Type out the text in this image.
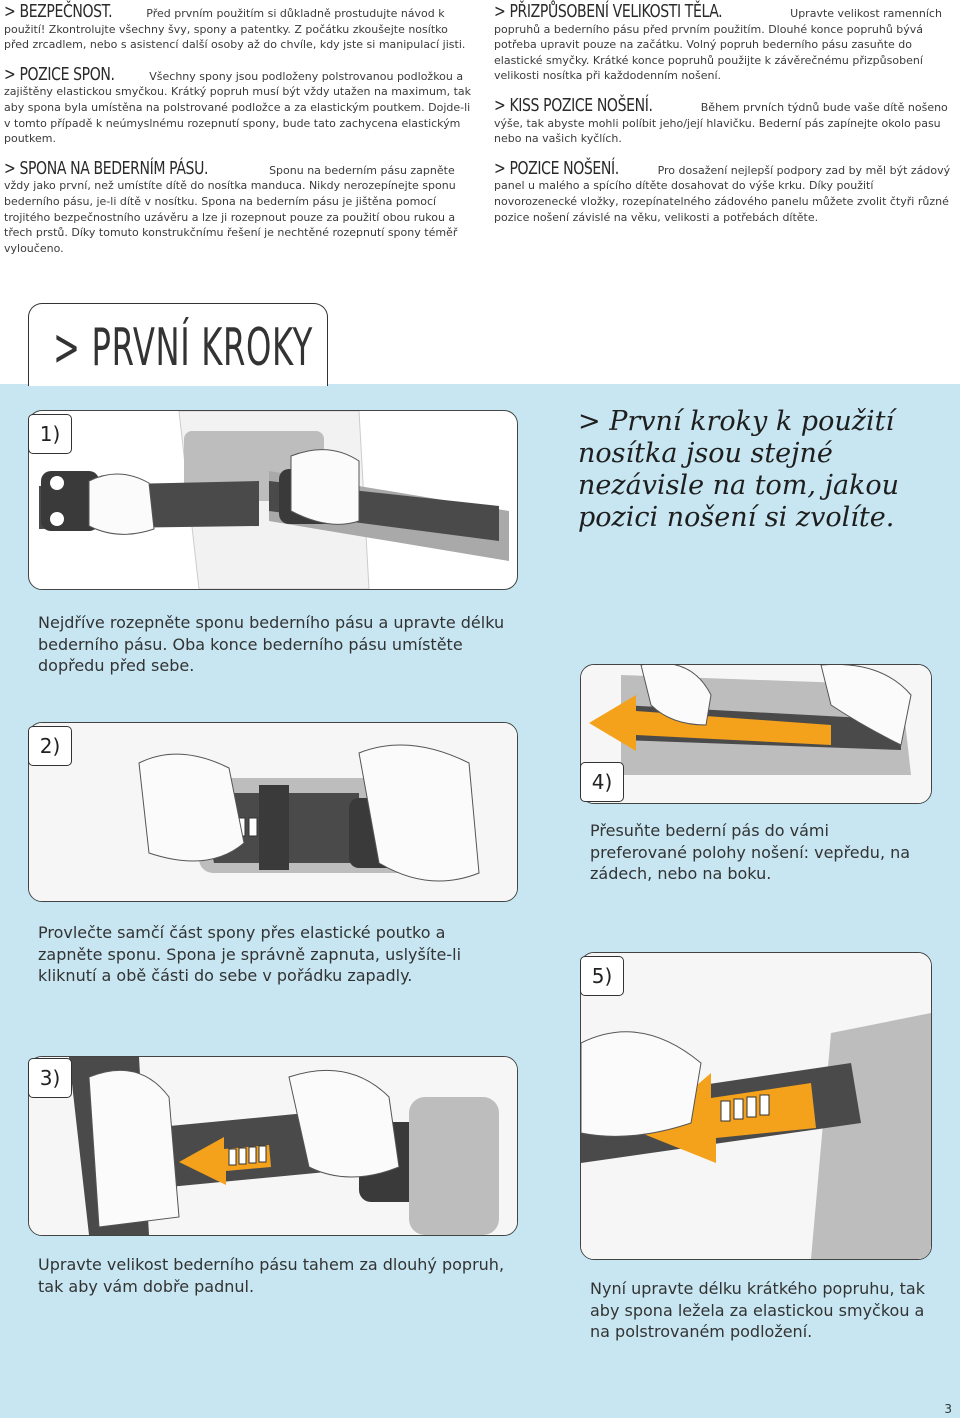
> BEZPEČNOST.	Před prvním použitím si důkladně prostudujte návod k použití! Zkontrolujte všechny švy, spony a patentky. Z počátku zkoušejte nosítko před zrcadlem, nebo s asistencí další osoby až do chvíle, kdy jste si manipulací jisti.
> POZICE SPON.	Všechny spony jsou podloženy polstrovanou podložkou a zajištěny elastickou smyčkou. Krátký popruh musí být vždy utažen na maximum, tak aby spona byla umístěna na polstrované podložce a za elastickým poutkem. Dojde-li v tomto případě k neúmyslnému rozepnutí spony, bude tato zachycena elastickým poutkem.
> SPONA NA BEDERNÍM PÁSU.	Sponu na bederním pásu zapněte vždy jako první, než umístíte dítě do nosítka manduca. Nikdy nerozepínejte sponu bederního pásu, je-li dítě v nosítku. Spona na bederním pásu je jištěna pomocí trojitého bezpečnostního uzávěru a lze ji rozepnout pouze za použití obou rukou a třech prstů. Díky tomuto konstrukčnímu řešení je nechtěné rozepnutí spony téměř vyloučeno.
> PŘIZPŮSOBENÍ VELIKOSTI TĚLA.	Upravte velikost ramenních popruhů a bederního pásu před prvním použitím. Dlouhé konce popruhů bývá potřeba upravit pouze na začátku. Volný popruh bederního pásu zasuňte do elastické smyčky. Krátké konce popruhů použijte k závěrečnému přizpůsobení velikosti nosítka při každodenním nošení.
> KISS POZICE NOŠENÍ.	Během prvních týdnů bude vaše dítě nošeno výše, tak abyste mohli políbit jeho/její hlavičku. Bederní pás zapínejte okolo pasu nebo na vašich kyčlích.
> POZICE NOŠENÍ.	Pro dosažení nejlepší podpory zad by měl být zádový panel u malého a spícího dítěte dosahovat do výše krku. Díky použití novorozenecké vložky, rozepínatelného zádového panelu můžete zvolit čtyři různé pozice nošení závislé na věku, velikosti a potřebách dítěte.
> PRVNÍ KROKY
> První kroky k použití nosítka jsou stejné nezávisle na tom, jakou pozici nošení si zvolíte.
1)
Nejdříve rozepněte sponu bederního pásu a upravte délku bederního pásu. Oba konce bederního pásu umístěte dopředu před sebe.
2)
Provlečte samčí část spony přes elastické poutko a zapněte sponu. Spona je správně zapnuta, uslyšíte-li kliknutí a obě části do sebe v pořádku zapadly.
3)
Upravte velikost bederního pásu tahem za dlouhý popruh, tak aby vám dobře padnul.
4)
Přesuňte bederní pás do vámi preferované polohy nošení: vepředu, na zádech, nebo na boku.
5)
Nyní upravte délku krátkého popruhu, tak aby spona ležela za elastickou smyčkou a na polstrovaném podložení.
3
